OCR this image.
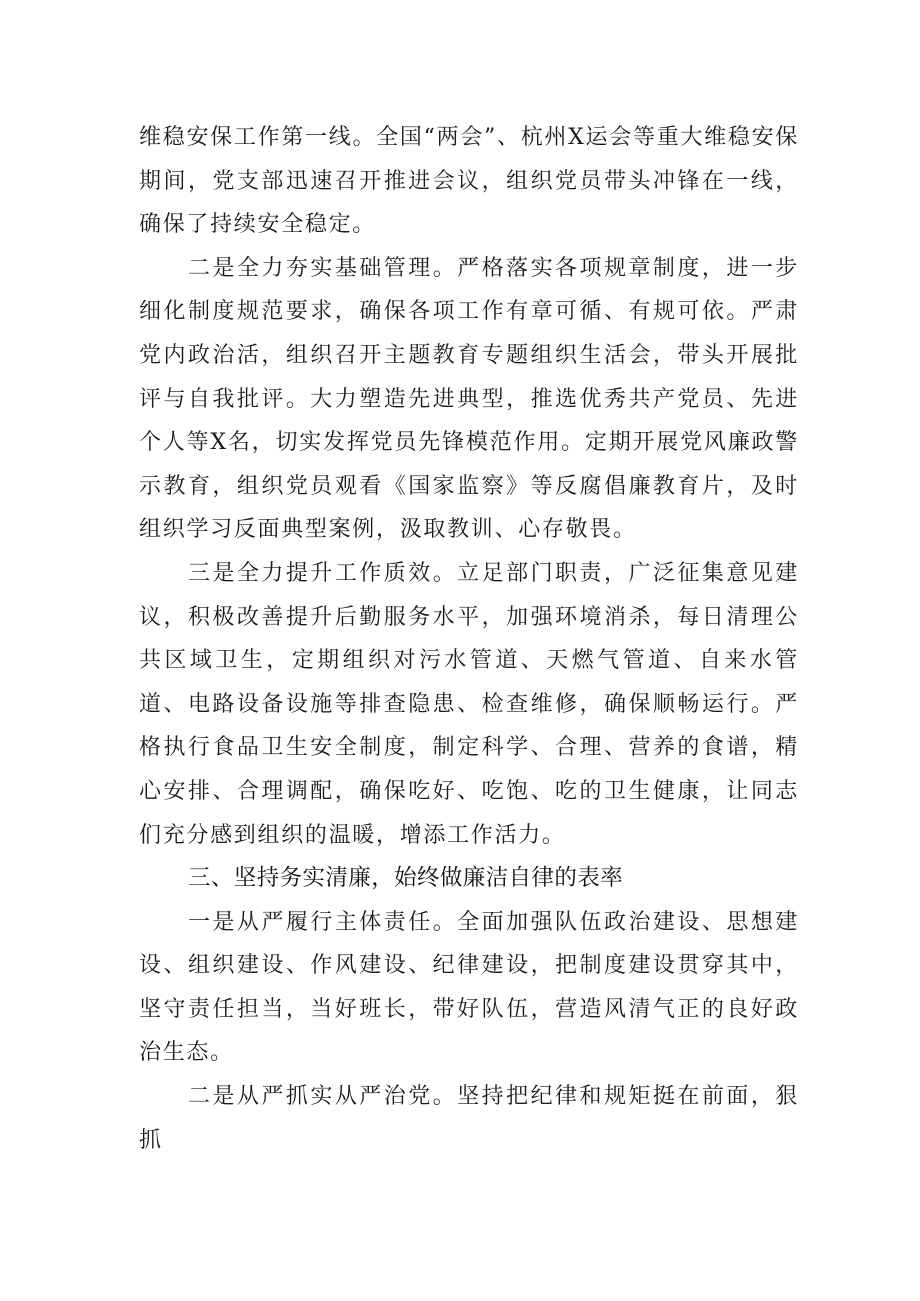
维稳安保工作第一线。全国“两会”、杭州X运会等重大维稳安保期间，党支部迅速召开推进会议，组织党员带头冲锋在一线，确保了持续安全稳定。

二是全力夯实基础管理。严格落实各项规章制度，进一步细化制度规范要求，确保各项工作有章可循、有规可依。严肃党内政治活，组织召开主题教育专题组织生活会，带头开展批评与自我批评。大力塑造先进典型，推选优秀共产党员、先进个人等X名，切实发挥党员先锋模范作用。定期开展党风廉政警示教育，组织党员观看《国家监察》等反腐倡廉教育片，及时组织学习反面典型案例，汲取教训、心存敬畏。

三是全力提升工作质效。立足部门职责，广泛征集意见建议，积极改善提升后勤服务水平，加强环境消杀，每日清理公共区域卫生，定期组织对污水管道、天燃气管道、自来水管道、电路设备设施等排查隐患、检查维修，确保顺畅运行。严格执行食品卫生安全制度，制定科学、合理、营养的食谱，精心安排、合理调配，确保吃好、吃饱、吃的卫生健康，让同志们充分感到组织的温暖，增添工作活力。

三、坚持务实清廉，始终做廉洁自律的表率

一是从严履行主体责任。全面加强队伍政治建设、思想建设、组织建设、作风建设、纪律建设，把制度建设贯穿其中，坚守责任担当，当好班长，带好队伍，营造风清气正的良好政治生态。

二是从严抓实从严治党。坚持把纪律和规矩挺在前面，狠抓
